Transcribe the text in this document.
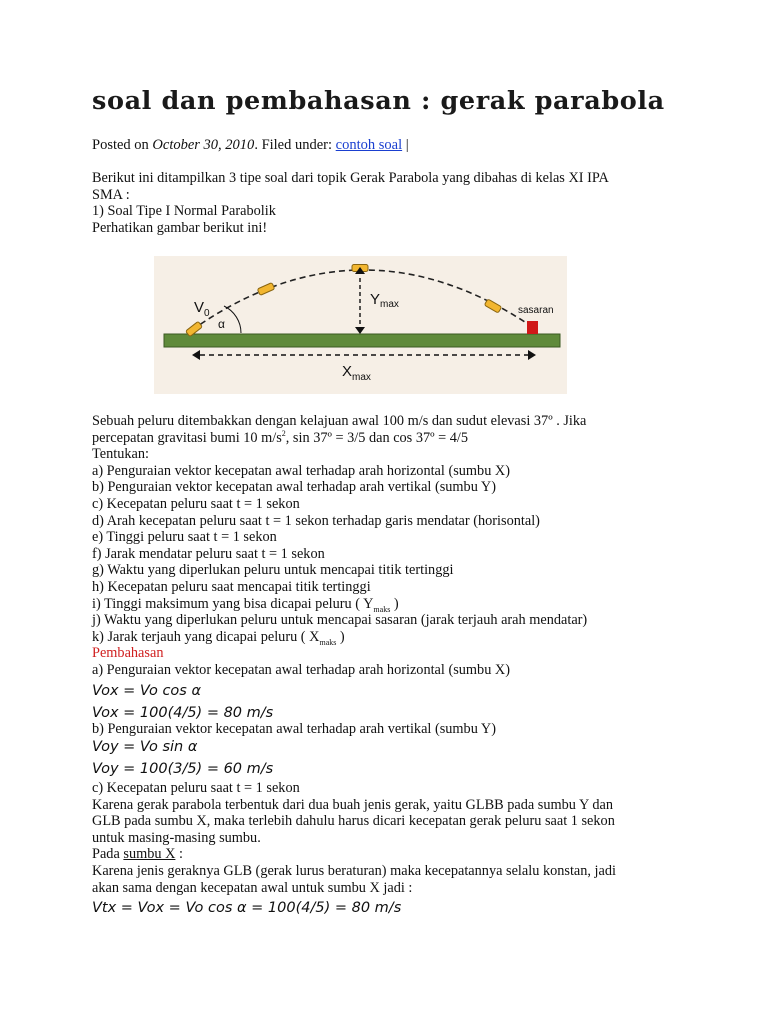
soal dan pembahasan : gerak parabola
Posted on October 30, 2010. Filed under: contoh soal |
Berikut ini ditampilkan 3 tipe soal dari topik Gerak Parabola yang dibahas di kelas XI IPA
SMA :
1) Soal Tipe I Normal Parabolik
Perhatikan gambar berikut ini!
$V_0$
α
$Y_{max}$
sasaran
$X_{max}$
Sebuah peluru ditembakkan dengan kelajuan awal 100 m/s dan sudut elevasi 37º . Jika
percepatan gravitasi bumi 10 $m/s^2$, sin 37º = 3/5 dan cos 37º = 4/5
Tentukan:
a) Penguraian vektor kecepatan awal terhadap arah horizontal (sumbu X)
b) Penguraian vektor kecepatan awal terhadap arah vertikal (sumbu Y)
c) Kecepatan peluru saat t = 1 sekon
d) Arah kecepatan peluru saat t = 1 sekon terhadap garis mendatar (horisontal)
e) Tinggi peluru saat t = 1 sekon
f) Jarak mendatar peluru saat t = 1 sekon
g) Waktu yang diperlukan peluru untuk mencapai titik tertinggi
h) Kecepatan peluru saat mencapai titik tertinggi
i) Tinggi maksimum yang bisa dicapai peluru ( $Y_{maks}$ )
j) Waktu yang diperlukan peluru untuk mencapai sasaran (jarak terjauh arah mendatar)
k) Jarak terjauh yang dicapai peluru ( $X_{maks}$ )
Pembahasan
a) Penguraian vektor kecepatan awal terhadap arah horizontal (sumbu X)
Vox = Vo cos α
Vox = 100(4/5) = 80 m/s
b) Penguraian vektor kecepatan awal terhadap arah vertikal (sumbu Y)
Voy = Vo sin α
Voy = 100(3/5) = 60 m/s
c) Kecepatan peluru saat t = 1 sekon
Karena gerak parabola terbentuk dari dua buah jenis gerak, yaitu GLBB pada sumbu Y dan
GLB pada sumbu X, maka terlebih dahulu harus dicari kecepatan gerak peluru saat 1 sekon
untuk masing-masing sumbu.
Pada sumbu X :
Karena jenis geraknya GLB (gerak lurus beraturan) maka kecepatannya selalu konstan, jadi
akan sama dengan kecepatan awal untuk sumbu X jadi :
Vtx = Vox = Vo cos α = 100(4/5) = 80 m/s
